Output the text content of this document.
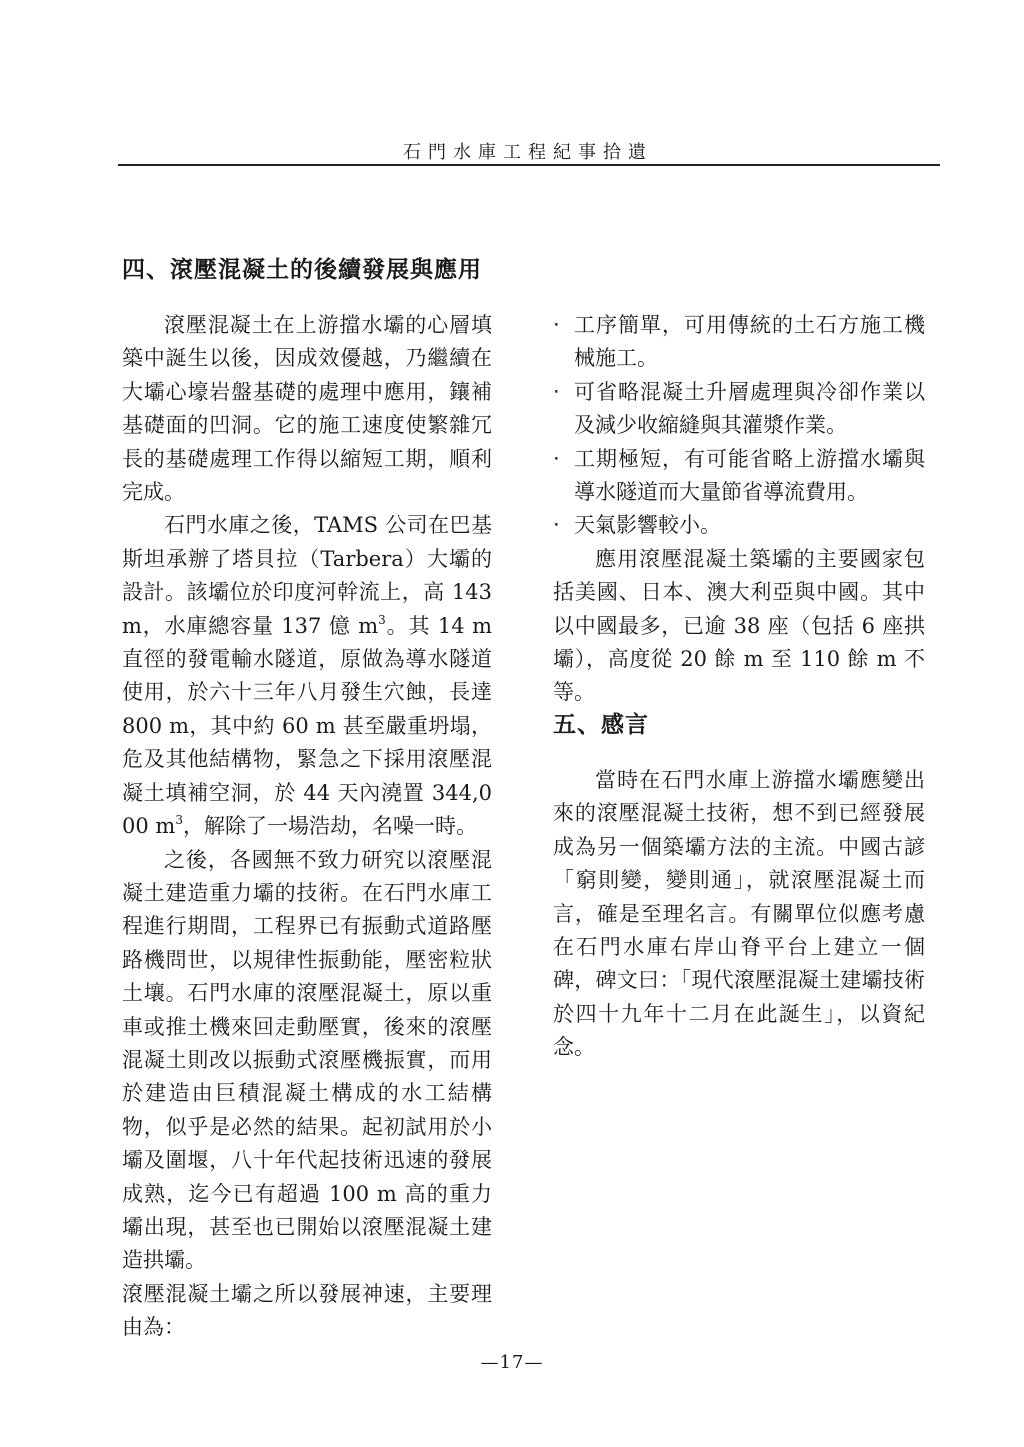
石門水庫工程紀事拾遺
四、滾壓混凝土的後續發展與應用

滾壓混凝土在上游擋水壩的心層填築中誕生以後，因成效優越，乃繼續在大壩心壕岩盤基礎的處理中應用，鑲補基礎面的凹洞。它的施工速度使繁雜冗長的基礎處理工作得以縮短工期，順利完成。

石門水庫之後，TAMS 公司在巴基斯坦承辦了塔貝拉（Tarbera）大壩的設計。該壩位於印度河幹流上，高 143 m，水庫總容量 137 億 $m^3$。其 14 m 直徑的發電輸水隧道，原做為導水隧道使用，於六十三年八月發生穴蝕，長達 800 m，其中約 60 m 甚至嚴重坍塌，危及其他結構物，緊急之下採用滾壓混凝土填補空洞，於 44 天內澆置 344,000 $m^3$，解除了一場浩劫，名噪一時。

之後，各國無不致力研究以滾壓混凝土建造重力壩的技術。在石門水庫工程進行期間，工程界已有振動式道路壓路機問世，以規律性振動能，壓密粒狀土壤。石門水庫的滾壓混凝土，原以重車或推土機來回走動壓實，後來的滾壓混凝土則改以振動式滾壓機振實，而用於建造由巨積混凝土構成的水工結構物，似乎是必然的結果。起初試用於小壩及圍堰，八十年代起技術迅速的發展成熟，迄今已有超過 100 m 高的重力壩出現，甚至也已開始以滾壓混凝土建造拱壩。

滾壓混凝土壩之所以發展神速，主要理由為：

‧ 工序簡單，可用傳統的土石方施工機械施工。

‧ 可省略混凝土升層處理與冷卻作業以及減少收縮縫與其灌漿作業。

‧ 工期極短，有可能省略上游擋水壩與導水隧道而大量節省導流費用。

‧ 天氣影響較小。

應用滾壓混凝土築壩的主要國家包括美國、日本、澳大利亞與中國。其中以中國最多，已逾 38 座（包括 6 座拱壩），高度從 20 餘 m 至 110 餘 m 不等。

五、感言

當時在石門水庫上游擋水壩應變出來的滾壓混凝土技術，想不到已經發展成為另一個築壩方法的主流。中國古諺「窮則變，變則通」，就滾壓混凝土而言，確是至理名言。有關單位似應考慮在石門水庫右岸山脊平台上建立一個碑，碑文曰：「現代滾壓混凝土建壩技術於四十九年十二月在此誕生」，以資紀念。

—17—
